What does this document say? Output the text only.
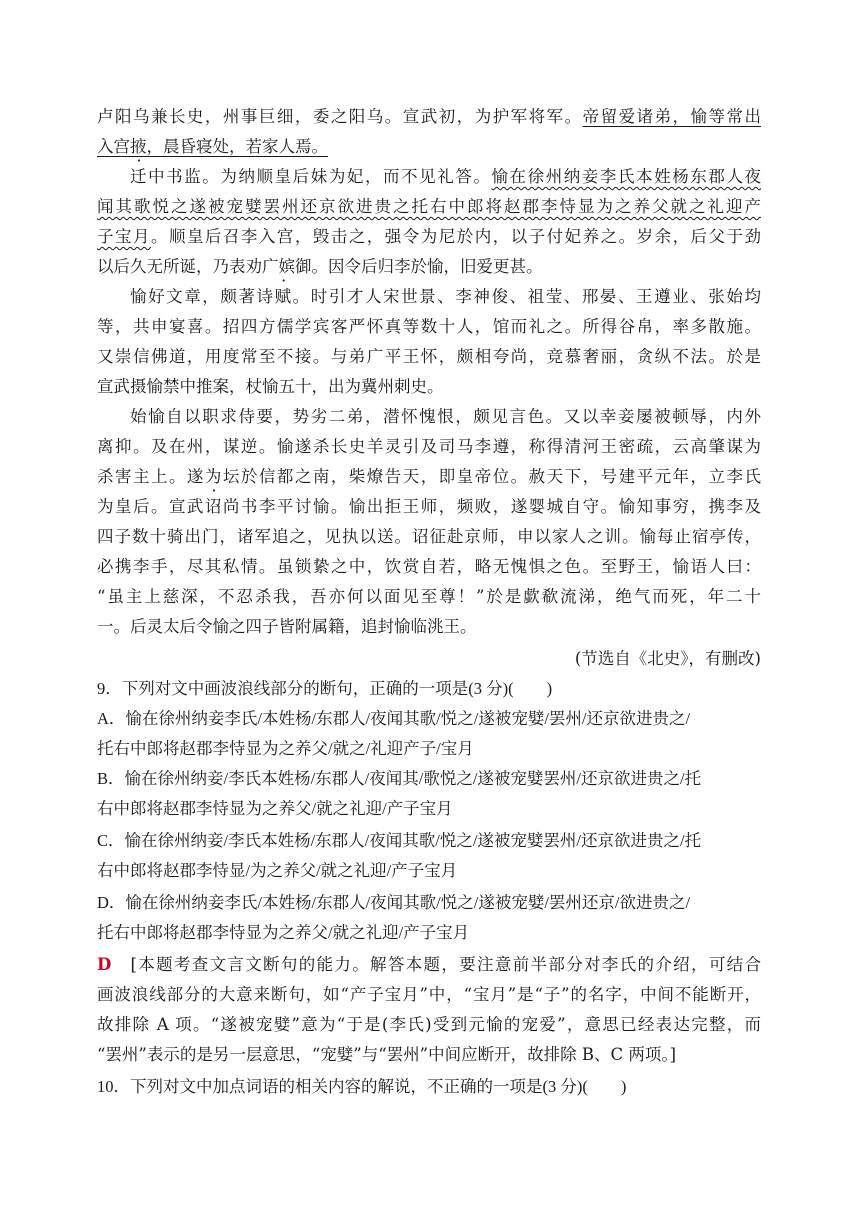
卢阳乌兼长史，州事巨细，委之阳乌。宣武初，为护军将军。帝留爱诸弟，愉等常出
入宫掖，晨昏寝处，若家人焉。
迁中书监。为纳顺皇后妹为妃，而不见礼答。愉在徐州纳妾李氏本姓杨东郡人夜
闻其歌悦之遂被宠嬖罢州还京欲进贵之托右中郎将赵郡李恃显为之养父就之礼迎产
子宝月。顺皇后召李入宫，毁击之，强令为尼於内，以子付妃养之。岁余，后父于劲
以后久无所诞，乃表劝广嫔御。因令后归李於愉，旧爱更甚。
愉好文章，颇著诗赋。时引才人宋世景、李神俊、祖莹、邢晏、王遵业、张始均
等，共申宴喜。招四方儒学宾客严怀真等数十人，馆而礼之。所得谷帛，率多散施。
又崇信佛道，用度常至不接。与弟广平王怀，颇相夸尚，竞慕奢丽，贪纵不法。於是
宣武摄愉禁中推案，杖愉五十，出为冀州刺史。
始愉自以职求侍要，势劣二弟，潜怀愧恨，颇见言色。又以幸妾屡被顿辱，内外
离抑。及在州，谋逆。愉遂杀长史羊灵引及司马李遵，称得清河王密疏，云高肇谋为
杀害主上。遂为坛於信都之南，柴燎告天，即皇帝位。赦天下，号建平元年，立李氏
为皇后。宣武诏尚书李平讨愉。愉出拒王师，频败，遂婴城自守。愉知事穷，携李及
四子数十骑出门，诸军追之，见执以送。诏征赴京师，申以家人之训。愉每止宿亭传，
必携李手，尽其私情。虽锁絷之中，饮赏自若，略无愧惧之色。至野王，愉语人曰：
“虽主上慈深，不忍杀我，吾亦何以面见至尊！”於是歔欷流涕，绝气而死，年二十
一。后灵太后令愉之四子皆附属籍，追封愉临洮王。
(节选自《北史》，有删改)
9．下列对文中画波浪线部分的断句，正确的一项是(3 分)(　　)
A．愉在徐州纳妾李氏/本姓杨/东郡人/夜闻其歌/悦之/遂被宠嬖/罢州/还京欲进贵之/
托右中郎将赵郡李恃显为之养父/就之/礼迎产子/宝月
B．愉在徐州纳妾/李氏本姓杨/东郡人/夜闻其/歌悦之/遂被宠嬖罢州/还京欲进贵之/托
右中郎将赵郡李恃显为之养父/就之礼迎/产子宝月
C．愉在徐州纳妾/李氏本姓杨/东郡人/夜闻其歌/悦之/遂被宠嬖罢州/还京欲进贵之/托
右中郎将赵郡李恃显/为之养父/就之礼迎/产子宝月
D．愉在徐州纳妾李氏/本姓杨/东郡人/夜闻其歌/悦之/遂被宠嬖/罢州还京/欲进贵之/
托右中郎将赵郡李恃显为之养父/就之礼迎/产子宝月
D　[本题考查文言文断句的能力。解答本题，要注意前半部分对李氏的介绍，可结合
画波浪线部分的大意来断句，如“产子宝月”中，“宝月”是“子”的名字，中间不能断开，
故排除 A 项。“遂被宠嬖”意为“于是(李氏)受到元愉的宠爱”，意思已经表达完整，而
“罢州”表示的是另一层意思，“宠嬖”与“罢州”中间应断开，故排除 B、C 两项。]
10．下列对文中加点词语的相关内容的解说，不正确的一项是(3 分)(　　)
